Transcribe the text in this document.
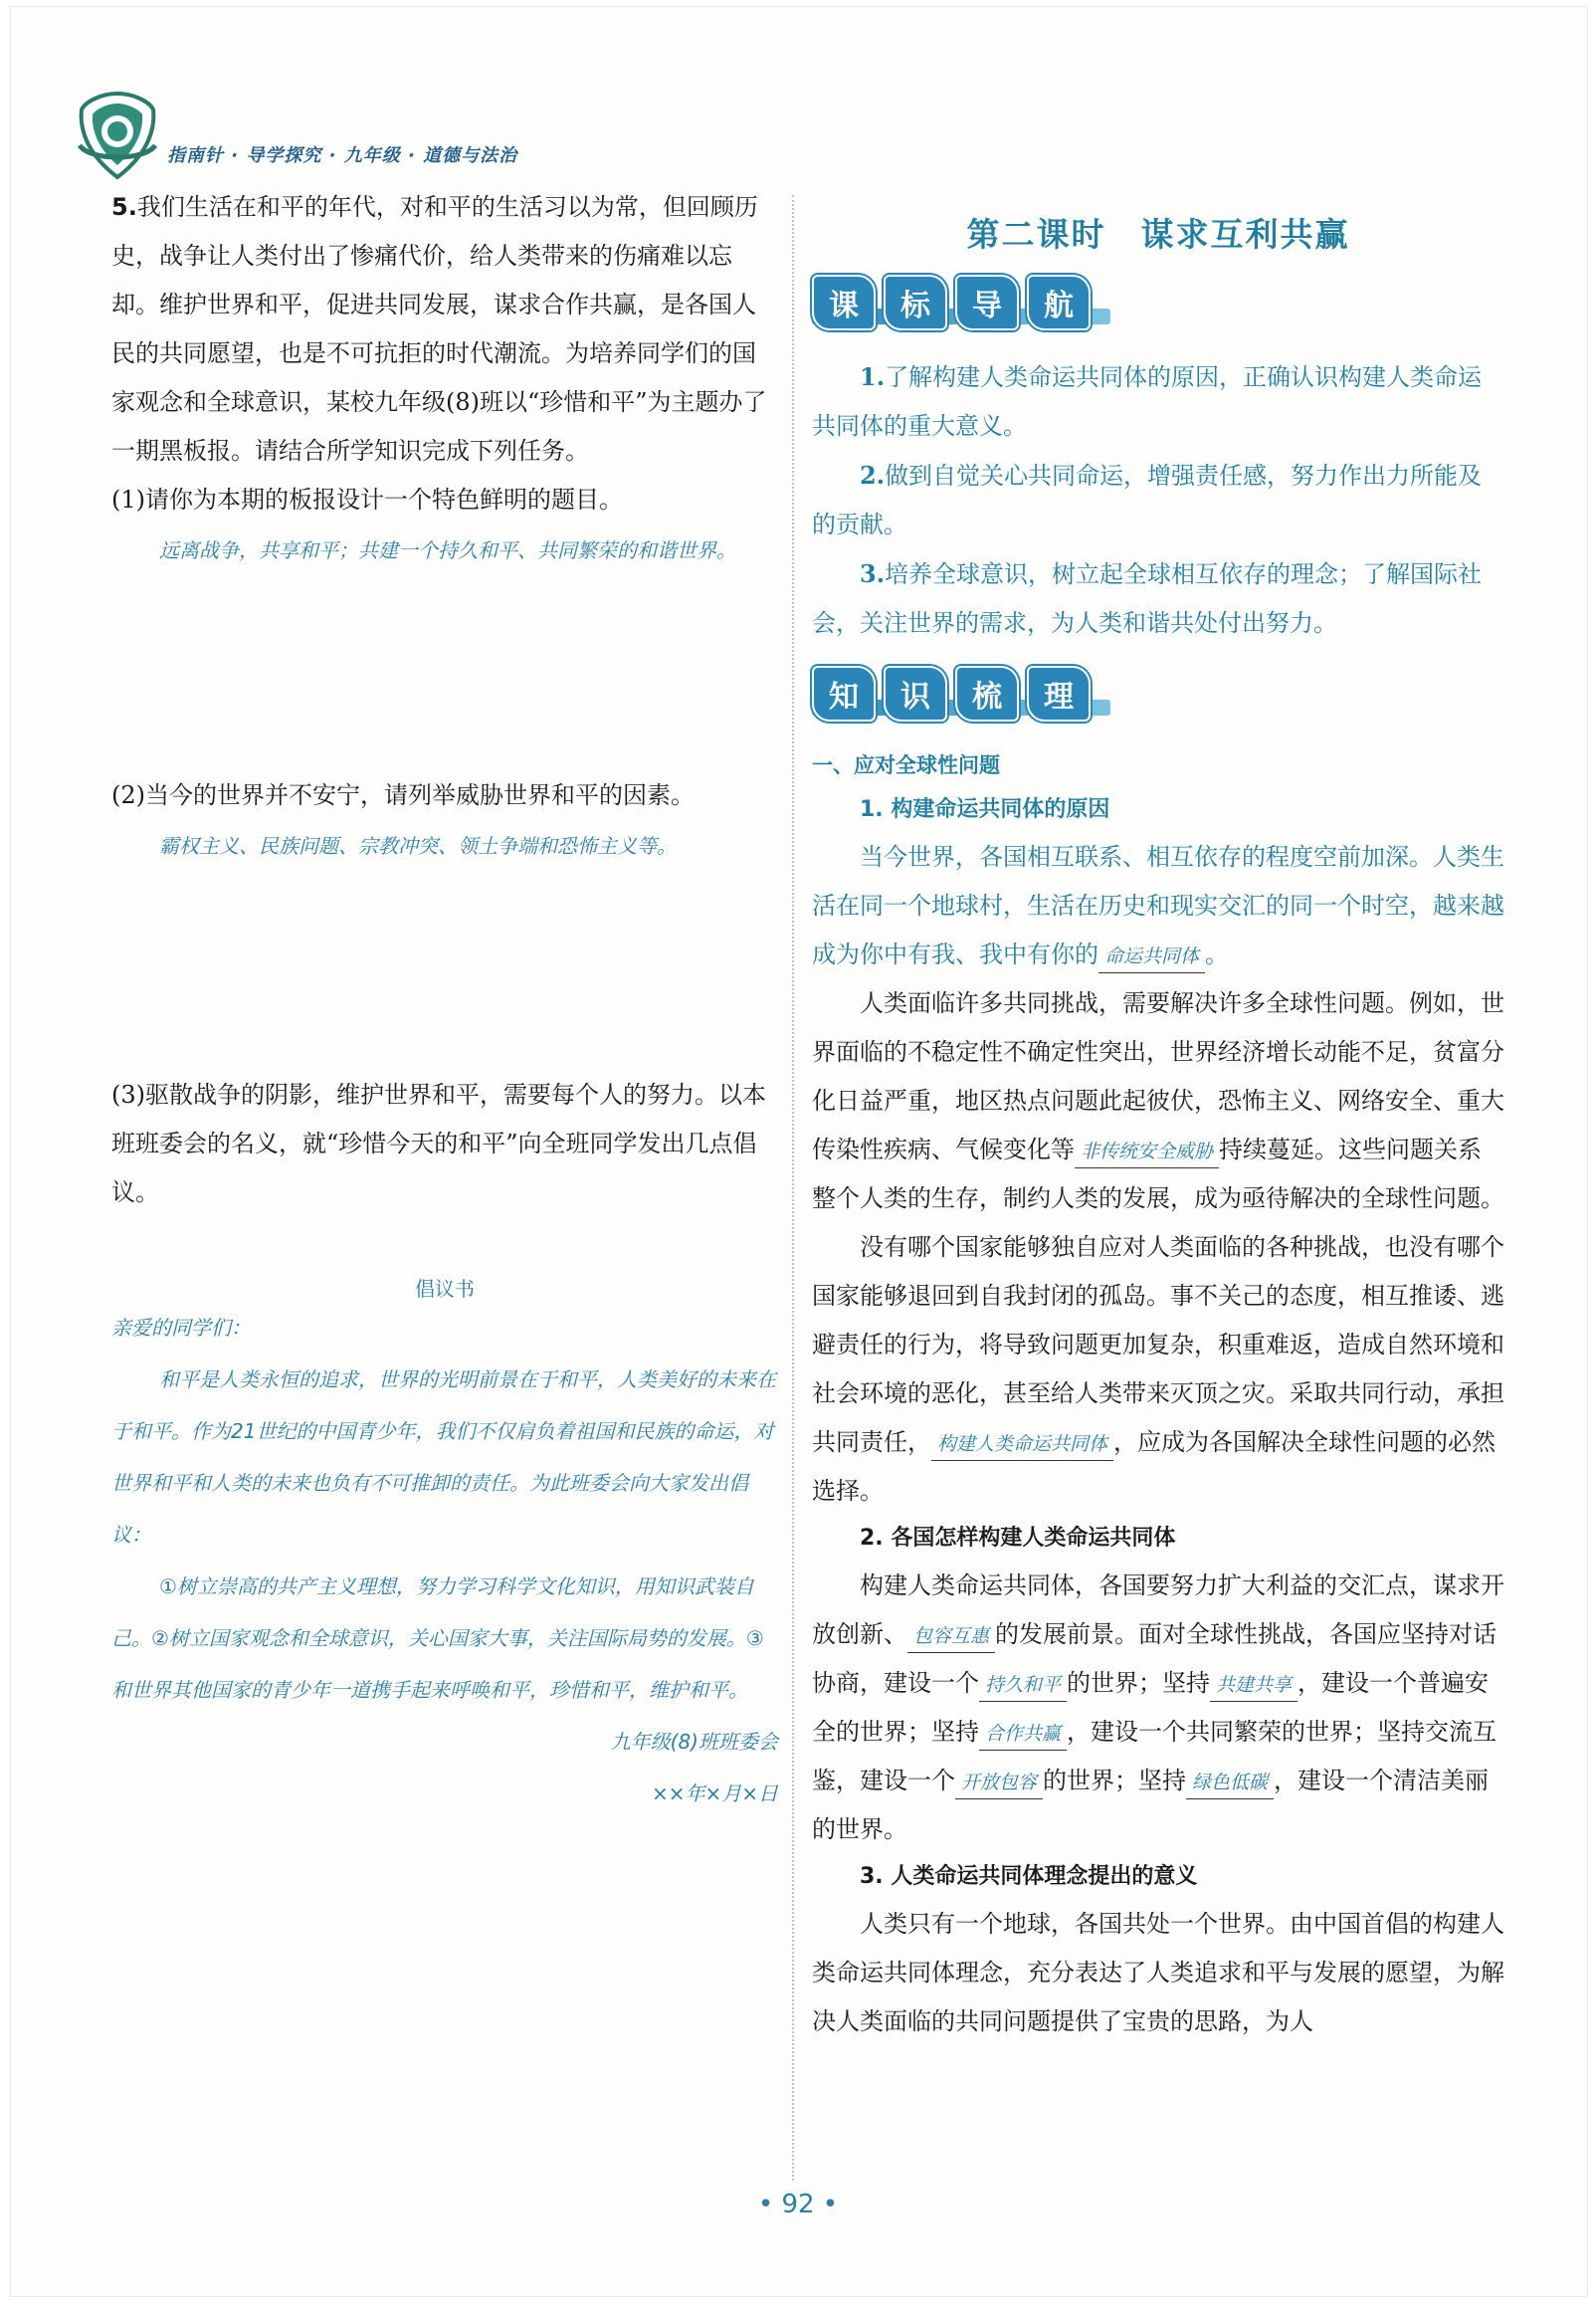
指南针 · 导学探究 · 九年级 · 道德与法治

5.我们生活在和平的年代，对和平的生活习以为常，但回顾历史，战争让人类付出了惨痛代价，给人类带来的伤痛难以忘却。维护世界和平，促进共同发展，谋求合作共赢，是各国人民的共同愿望，也是不可抗拒的时代潮流。为培养同学们的国家观念和全球意识，某校九年级(8)班以“珍惜和平”为主题办了一期黑板报。请结合所学知识完成下列任务。

(1)请你为本期的板报设计一个特色鲜明的题目。

远离战争，共享和平；共建一个持久和平、共同繁荣的和谐世界。

(2)当今的世界并不安宁，请列举威胁世界和平的因素。

霸权主义、民族问题、宗教冲突、领土争端和恐怖主义等。

(3)驱散战争的阴影，维护世界和平，需要每个人的努力。以本班班委会的名义，就“珍惜今天的和平”向全班同学发出几点倡议。

倡议书

亲爱的同学们：

和平是人类永恒的追求，世界的光明前景在于和平，人类美好的未来在于和平。作为21世纪的中国青少年，我们不仅肩负着祖国和民族的命运，对世界和平和人类的未来也负有不可推卸的责任。为此班委会向大家发出倡议：

①树立崇高的共产主义理想，努力学习科学文化知识，用知识武装自己。②树立国家观念和全球意识，关心国家大事，关注国际局势的发展。③和世界其他国家的青少年一道携手起来呼唤和平，珍惜和平，维护和平。

九年级(8)班班委会

××年×月×日

第二课时　谋求互利共赢
课	标	导	航

1.了解构建人类命运共同体的原因，正确认识构建人类命运共同体的重大意义。

2.做到自觉关心共同命运，增强责任感，努力作出力所能及的贡献。

3.培养全球意识，树立起全球相互依存的理念；了解国际社会，关注世界的需求，为人类和谐共处付出努力。

知	识	梳	理

一、应对全球性问题

1. 构建命运共同体的原因

当今世界，各国相互联系、相互依存的程度空前加深。人类生活在同一个地球村，生活在历史和现实交汇的同一个时空，越来越成为你中有我、我中有你的 命运共同体 。

人类面临许多共同挑战，需要解决许多全球性问题。例如，世界面临的不稳定性不确定性突出，世界经济增长动能不足，贫富分化日益严重，地区热点问题此起彼伏，恐怖主义、网络安全、重大传染性疾病、气候变化等 非传统安全威胁 持续蔓延。这些问题关系整个人类的生存，制约人类的发展，成为亟待解决的全球性问题。

没有哪个国家能够独自应对人类面临的各种挑战，也没有哪个国家能够退回到自我封闭的孤岛。事不关己的态度，相互推诿、逃避责任的行为，将导致问题更加复杂，积重难返，造成自然环境和社会环境的恶化，甚至给人类带来灭顶之灾。采取共同行动，承担共同责任， 构建人类命运共同体 ，应成为各国解决全球性问题的必然选择。

2. 各国怎样构建人类命运共同体

构建人类命运共同体，各国要努力扩大利益的交汇点，谋求开放创新、 包容互惠 的发展前景。面对全球性挑战，各国应坚持对话协商，建设一个 持久和平 的世界；坚持 共建共享 ，建设一个普遍安全的世界；坚持 合作共赢 ，建设一个共同繁荣的世界；坚持交流互鉴，建设一个 开放包容 的世界；坚持 绿色低碳 ，建设一个清洁美丽的世界。

3. 人类命运共同体理念提出的意义

人类只有一个地球，各国共处一个世界。由中国首倡的构建人类命运共同体理念，充分表达了人类追求和平与发展的愿望，为解决人类面临的共同问题提供了宝贵的思路，为人

• 92 •
